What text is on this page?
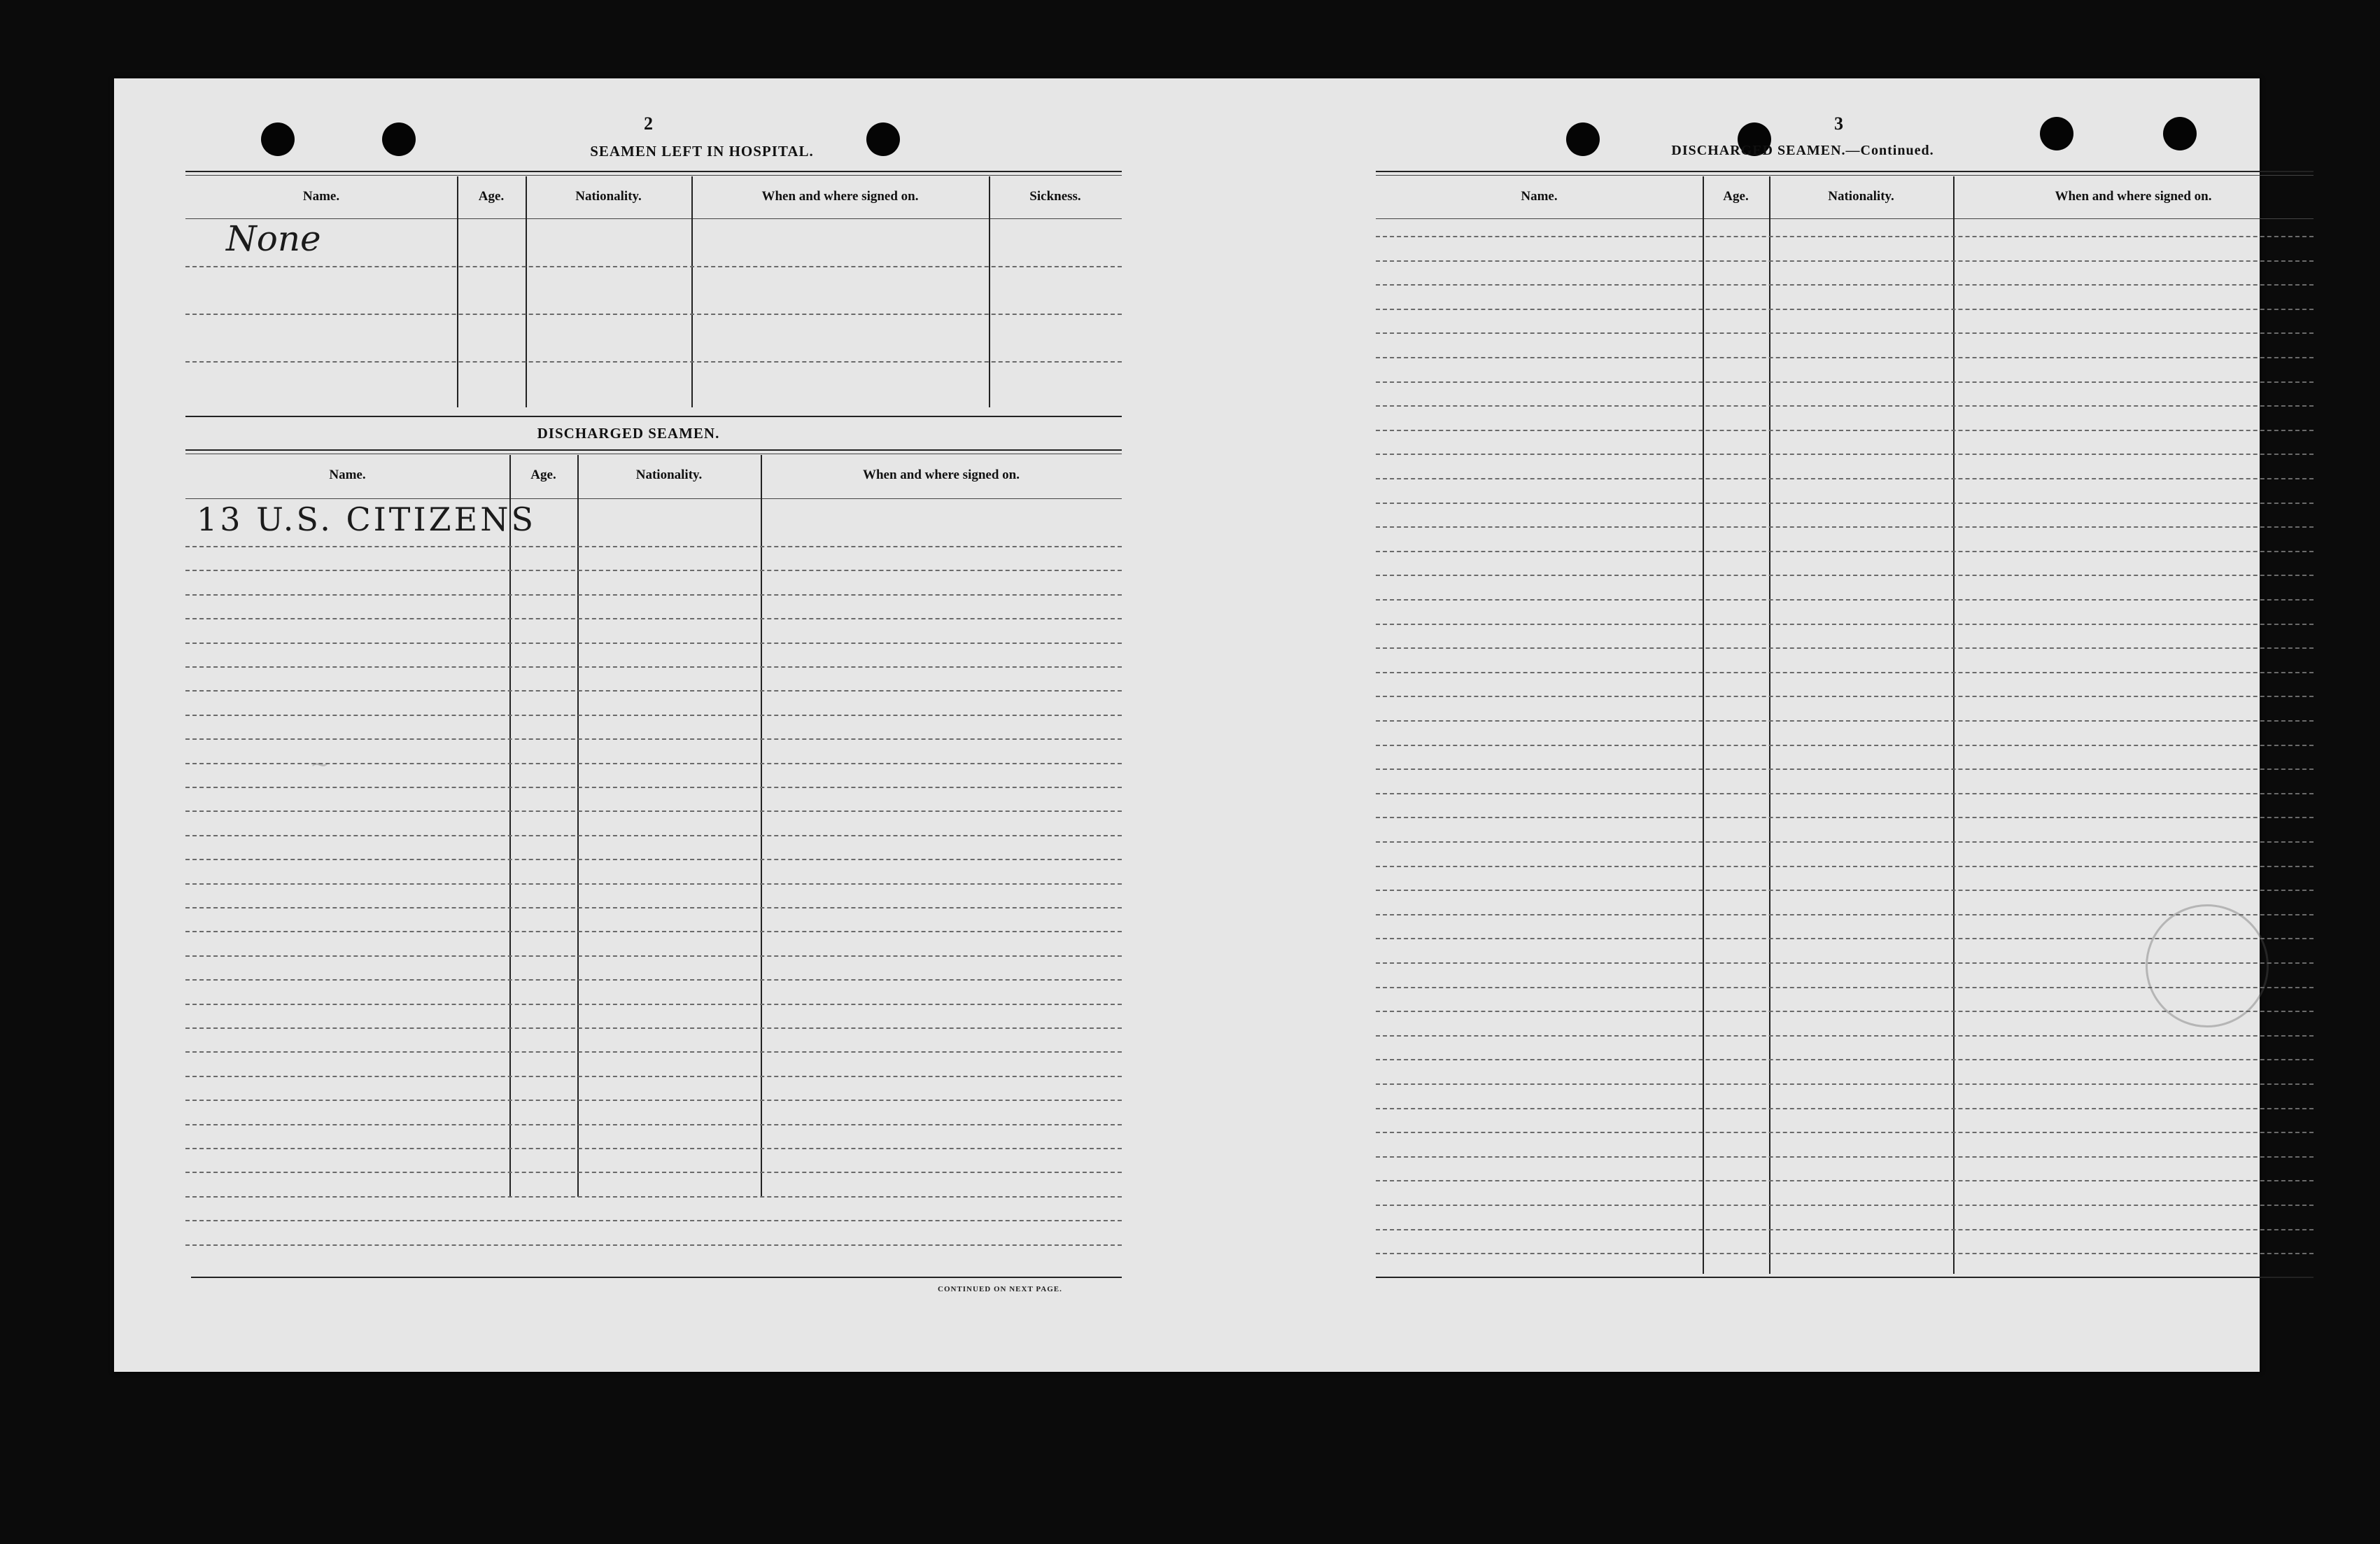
2
SEAMEN LEFT IN HOSPITAL.
Name.	Age.	Nationality.	When and where signed on.	Sickness.
None
DISCHARGED SEAMEN.
Name.	Age.	Nationality.	When and where signed on.
13 U.S. CITIZENS
CONTINUED ON NEXT PAGE.
~
3
DISCHARGED SEAMEN.—Continued.
Name.	Age.	Nationality.	When and where signed on.
